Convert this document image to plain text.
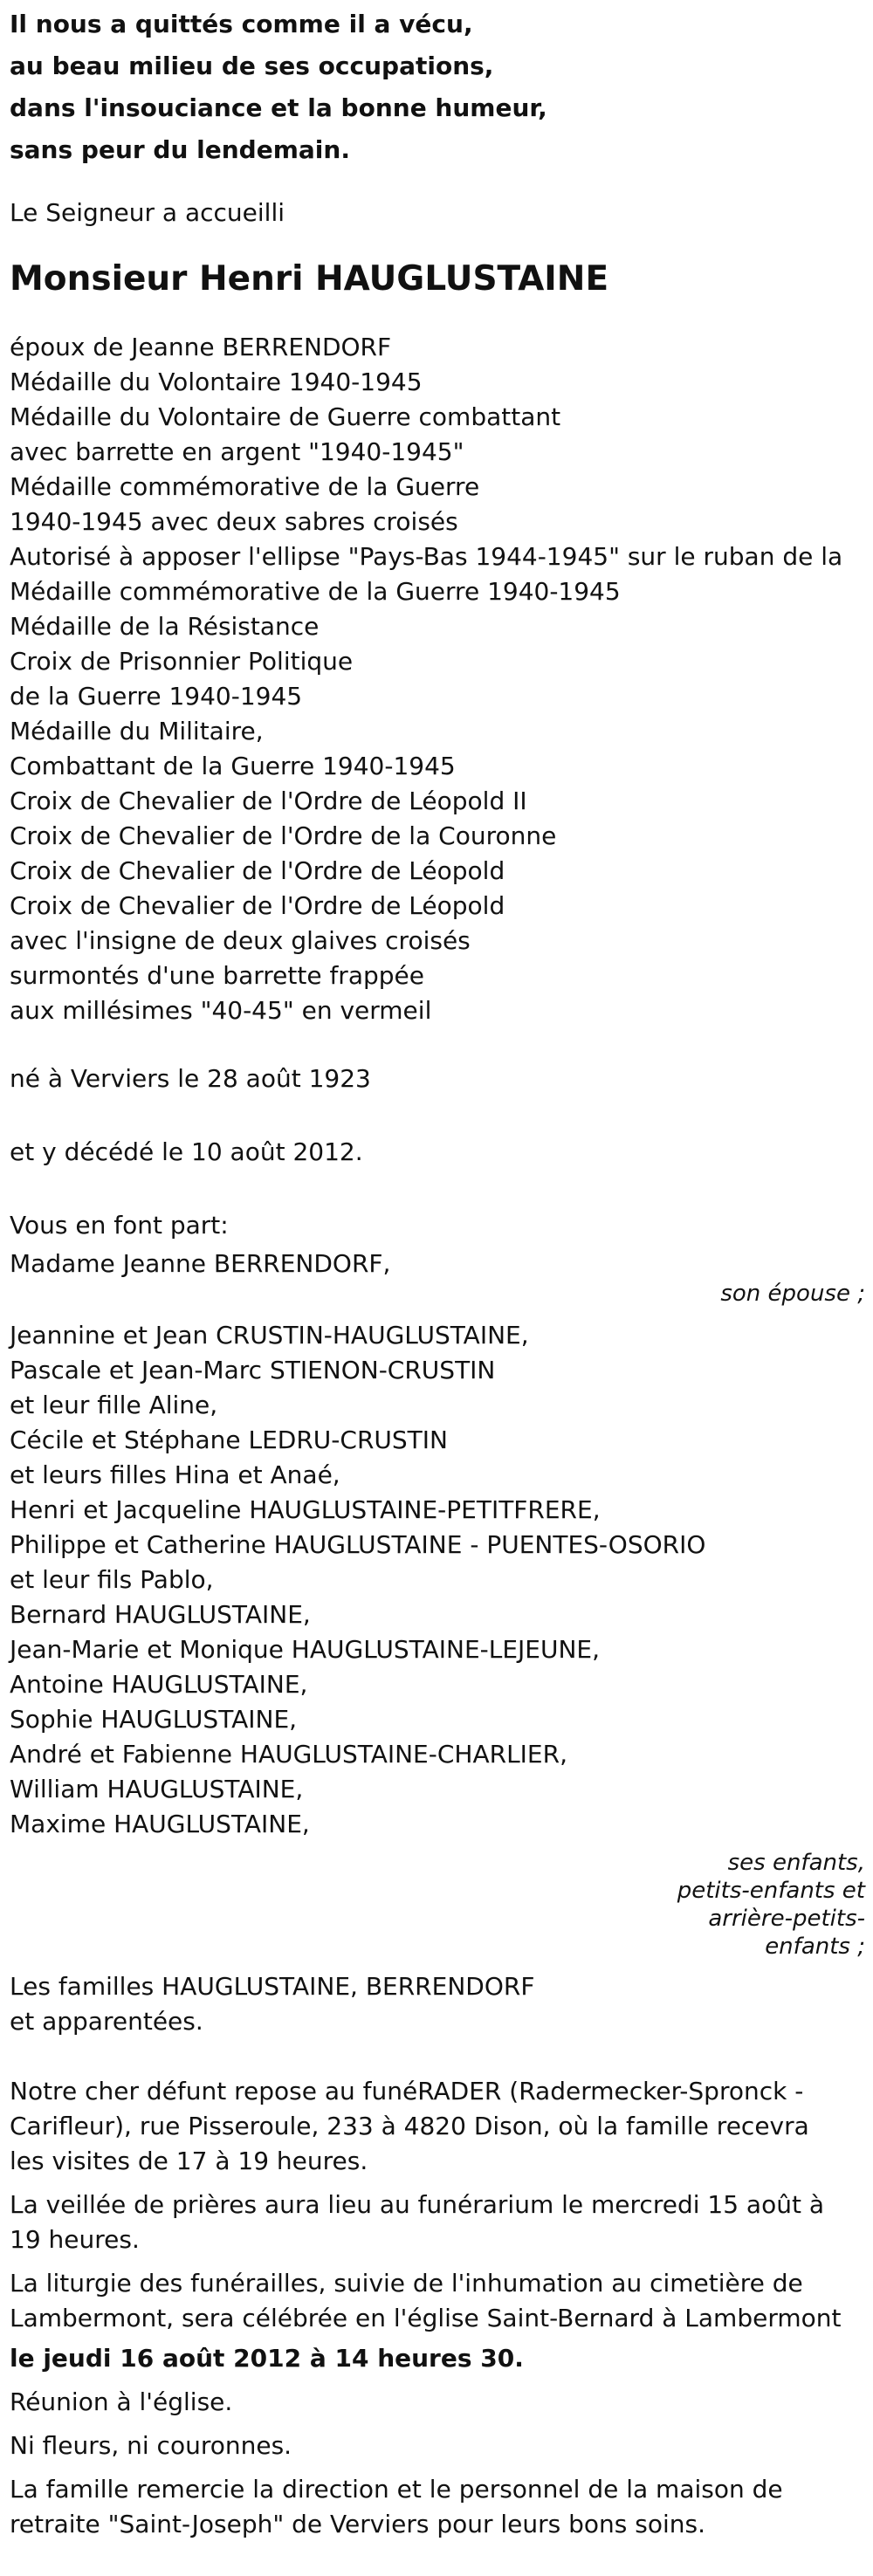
Il nous a quittés comme il a vécu,
au beau milieu de ses occupations,
dans l'insouciance et la bonne humeur,
sans peur du lendemain.
Le Seigneur a accueilli
Monsieur Henri HAUGLUSTAINE
époux de Jeanne BERRENDORF
Médaille du Volontaire 1940-1945
Médaille du Volontaire de Guerre combattant
avec barrette en argent "1940-1945"
Médaille commémorative de la Guerre
1940-1945 avec deux sabres croisés
Autorisé à apposer l'ellipse "Pays-Bas 1944-1945" sur le ruban de la
Médaille commémorative de la Guerre 1940-1945
Médaille de la Résistance
Croix de Prisonnier Politique
de la Guerre 1940-1945
Médaille du Militaire,
Combattant de la Guerre 1940-1945
Croix de Chevalier de l'Ordre de Léopold II
Croix de Chevalier de l'Ordre de la Couronne
Croix de Chevalier de l'Ordre de Léopold
Croix de Chevalier de l'Ordre de Léopold
avec l'insigne de deux glaives croisés
surmontés d'une barrette frappée
aux millésimes "40-45" en vermeil
né à Verviers le 28 août 1923
et y décédé le 10 août 2012.
Vous en font part:
Madame Jeanne BERRENDORF,
son épouse ;
Jeannine et Jean CRUSTIN-HAUGLUSTAINE,
Pascale et Jean-Marc STIENON-CRUSTIN
et leur fille Aline,
Cécile et Stéphane LEDRU-CRUSTIN
et leurs filles Hina et Anaé,
Henri et Jacqueline HAUGLUSTAINE-PETITFRERE,
Philippe et Catherine HAUGLUSTAINE - PUENTES-OSORIO
et leur fils Pablo,
Bernard HAUGLUSTAINE,
Jean-Marie et Monique HAUGLUSTAINE-LEJEUNE,
Antoine HAUGLUSTAINE,
Sophie HAUGLUSTAINE,
André et Fabienne HAUGLUSTAINE-CHARLIER,
William HAUGLUSTAINE,
Maxime HAUGLUSTAINE,
ses enfants, petits-enfants et arrière-petits-enfants ;
Les familles HAUGLUSTAINE, BERRENDORF
et apparentées.
Notre cher défunt repose au funéRADER (Radermecker-Spronck - Carifleur), rue Pisseroule, 233 à 4820 Dison, où la famille recevra les visites de 17 à 19 heures.
La veillée de prières aura lieu au funérarium le mercredi 15 août à 19 heures.
La liturgie des funérailles, suivie de l'inhumation au cimetière de Lambermont, sera célébrée en l'église Saint-Bernard à Lambermont
le jeudi 16 août 2012 à 14 heures 30.
Réunion à l'église.
Ni fleurs, ni couronnes.
La famille remercie la direction et le personnel de la maison de retraite "Saint-Joseph" de Verviers pour leurs bons soins.
